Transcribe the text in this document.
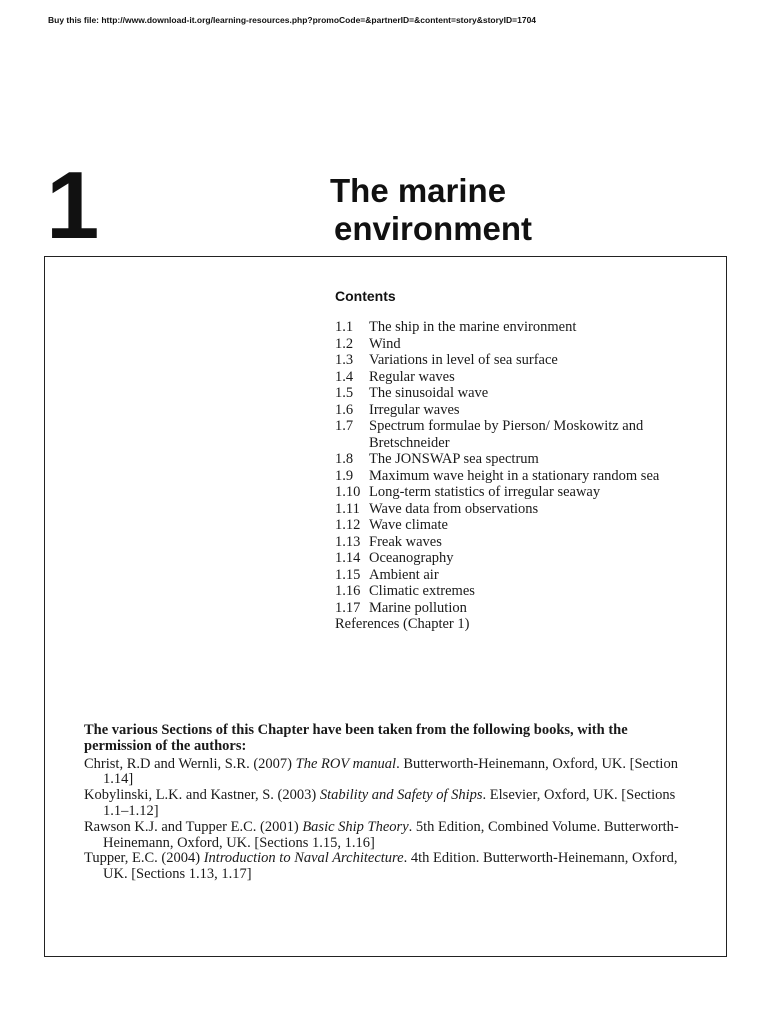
Buy this file: http://www.download-it.org/learning-resources.php?promoCode=&partnerID=&content=story&storyID=1704
1	The marine
environment
Contents
1.1	The ship in the marine environment
1.2	Wind
1.3	Variations in level of sea surface
1.4	Regular waves
1.5	The sinusoidal wave
1.6	Irregular waves
1.7	Spectrum formulae by Pierson/ Moskowitz and Bretschneider
1.8	The JONSWAP sea spectrum
1.9	Maximum wave height in a stationary random sea
1.10 Long-term statistics of irregular seaway
1.11 Wave data from observations
1.12 Wave climate
1.13 Freak waves
1.14 Oceanography
1.15 Ambient air
1.16 Climatic extremes
1.17 Marine pollution
References (Chapter 1)
The various Sections of this Chapter have been taken from the following books, with the permission of the authors:
Christ, R.D and Wernli, S.R. (2007) The ROV manual. Butterworth-Heinemann, Oxford, UK. [Section 1.14]
Kobylinski, L.K. and Kastner, S. (2003) Stability and Safety of Ships. Elsevier, Oxford, UK. [Sections 1.1–1.12]
Rawson K.J. and Tupper E.C. (2001) Basic Ship Theory. 5th Edition, Combined Volume. Butterworth-Heinemann, Oxford, UK. [Sections 1.15, 1.16]
Tupper, E.C. (2004) Introduction to Naval Architecture. 4th Edition. Butterworth-Heinemann, Oxford, UK. [Sections 1.13, 1.17]
